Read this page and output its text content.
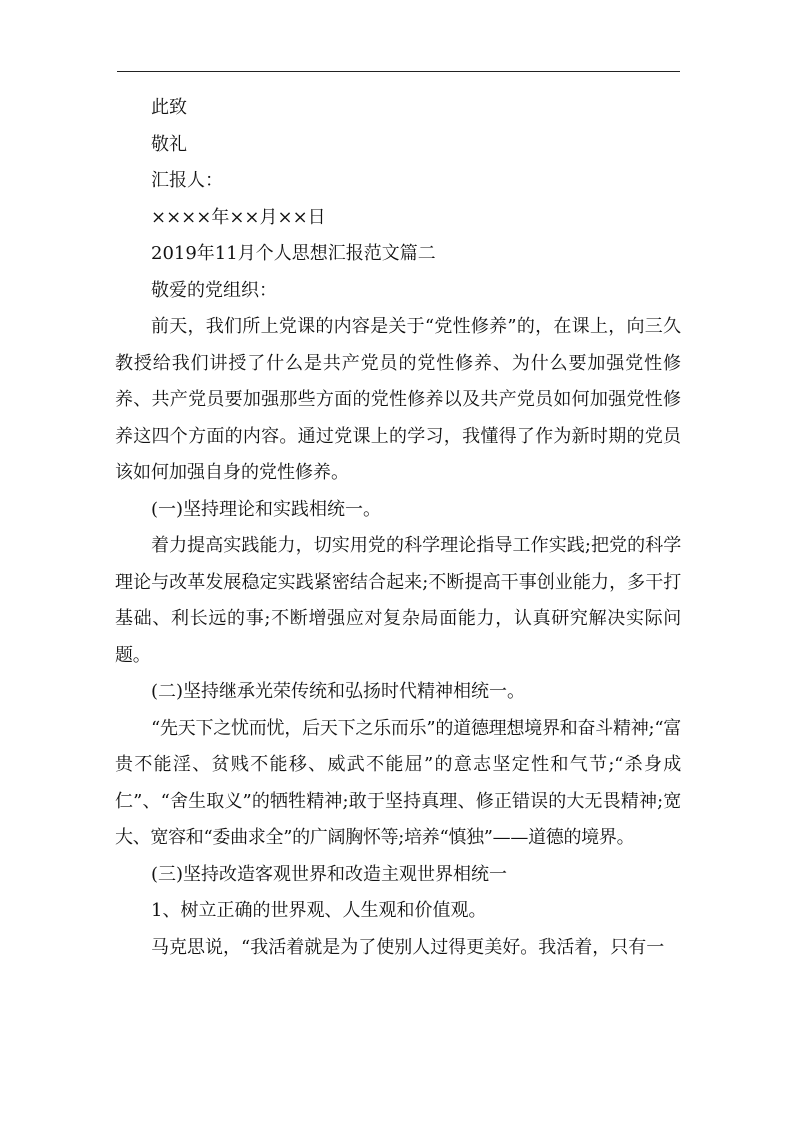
此致

敬礼

汇报人：

××××年××月××日

2019年11月个人思想汇报范文篇二

敬爱的党组织：

前天，我们所上党课的内容是关于“党性修养”的，在课上，向三久教授给我们讲授了什么是共产党员的党性修养、为什么要加强党性修养、共产党员要加强那些方面的党性修养以及共产党员如何加强党性修养这四个方面的内容。通过党课上的学习，我懂得了作为新时期的党员该如何加强自身的党性修养。

(一)坚持理论和实践相统一。

着力提高实践能力，切实用党的科学理论指导工作实践;把党的科学理论与改革发展稳定实践紧密结合起来;不断提高干事创业能力，多干打基础、利长远的事;不断增强应对复杂局面能力，认真研究解决实际问题。

(二)坚持继承光荣传统和弘扬时代精神相统一。

“先天下之忧而忧，后天下之乐而乐”的道德理想境界和奋斗精神;“富贵不能淫、贫贱不能移、威武不能屈”的意志坚定性和气节;“杀身成仁”、“舍生取义”的牺牲精神;敢于坚持真理、修正错误的大无畏精神;宽大、宽容和“委曲求全”的广阔胸怀等;培养“慎独”——道德的境界。

(三)坚持改造客观世界和改造主观世界相统一

1、树立正确的世界观、人生观和价值观。

马克思说，“我活着就是为了使别人过得更美好。我活着，只有一
